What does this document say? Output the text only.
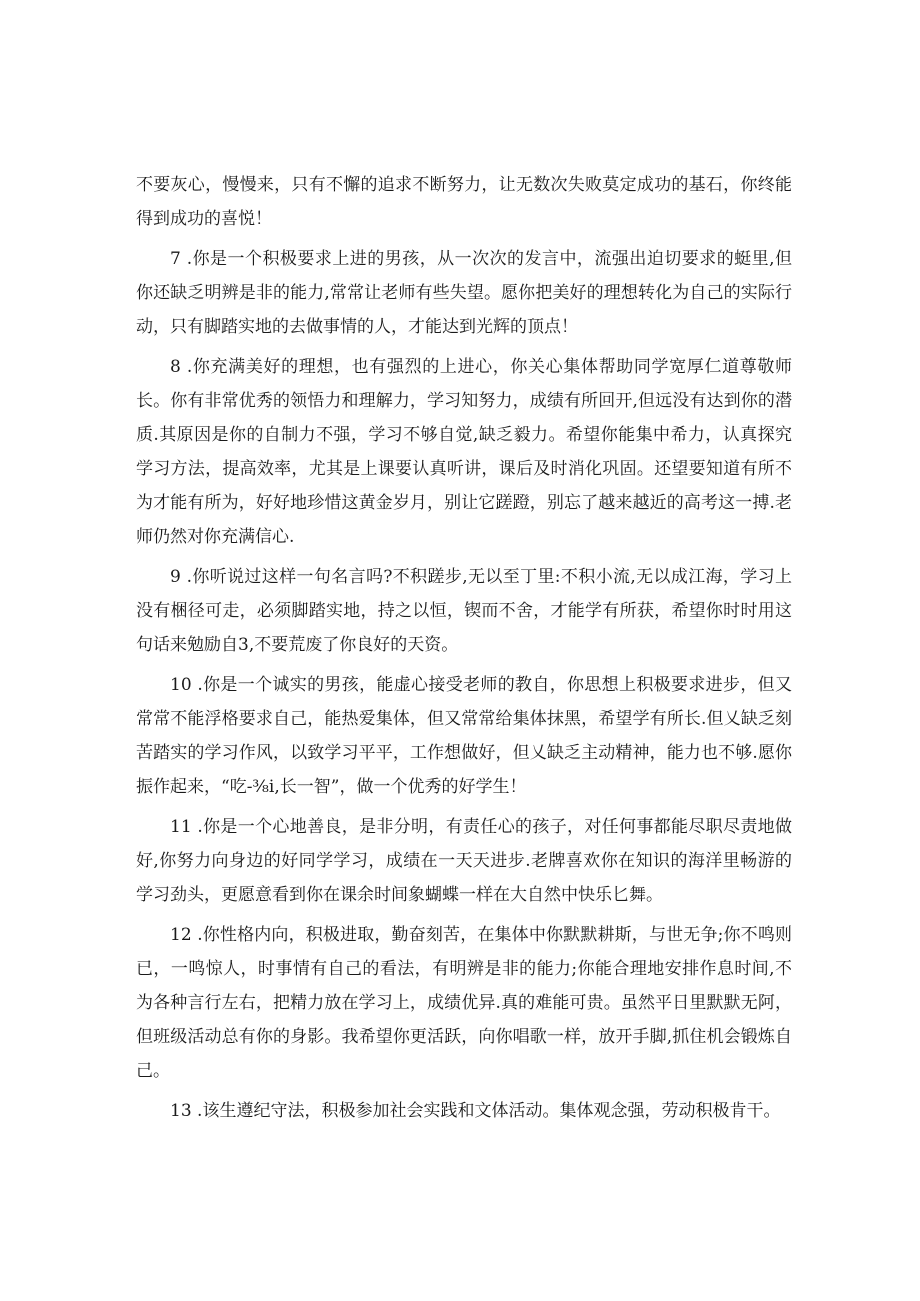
不要灰心，慢慢来，只有不懈的追求不断努力，让无数次失败莫定成功的基石，你终能得到成功的喜悦！

7 .你是一个积极要求上进的男孩，从一次次的发言中，流强出迫切要求的蜓里,但你还缺乏明辨是非的能力,常常让老师有些失望。愿你把美好的理想转化为自己的实际行动，只有脚踏实地的去做事情的人，才能达到光辉的顶点！

8 .你充满美好的理想，也有强烈的上进心，你关心集体帮助同学宽厚仁道尊敬师长。你有非常优秀的领悟力和理解力，学习知努力，成绩有所回开,但远没有达到你的潜质.其原因是你的自制力不强，学习不够自觉,缺乏毅力。希望你能集中希力，认真探究学习方法，提高效率，尤其是上课要认真听讲，课后及时消化巩固。还望要知道有所不为才能有所为，好好地珍惜这黄金岁月，别让它蹉蹬，别忘了越来越近的高考这一搏.老师仍然对你充满信心.

9 .你听说过这样一句名言吗?不积蹉步,无以至丁里:不积小流,无以成江海，学习上没有梱径可走，必须脚踏实地，持之以恒，锲而不舍，才能学有所获，希望你时时用这句话来勉励自3,不要荒废了你良好的天资。

10 .你是一个诚实的男孩，能虚心接受老师的教自，你思想上积极要求进步，但又常常不能浮格要求自己，能热爱集体，但又常常给集体抹黑，希望学有所长.但乂缺乏刻苦踏实的学习作风，以致学习平平，工作想做好，但乂缺乏主动精神，能力也不够.愿你振作起来，“吃-⅜i,长一智”，做一个优秀的好学生！

11 .你是一个心地善良，是非分明，有责任心的孩子，对任何事都能尽职尽责地做好,你努力向身边的好同学学习，成绩在一天天进步.老牌喜欢你在知识的海洋里畅游的学习劲头，更愿意看到你在课余时间象蝴蝶一样在大自然中快乐匕舞。

12 .你性格内向，积极进取，勤奋刻苦，在集体中你默默耕斯，与世无争;你不鸣则已，一鸣惊人，时事情有自己的看法，有明辨是非的能力;你能合理地安排作息时间,不为各种言行左右，把精力放在学习上，成绩优异.真的难能可贵。虽然平日里默默无阿，但班级活动总有你的身影。我希望你更活跃，向你唱歌一样，放开手脚,抓住机会锻炼自己。

13 .该生遵纪守法，积极参加社会实践和文体活动。集体观念强，劳动积极肯干。
